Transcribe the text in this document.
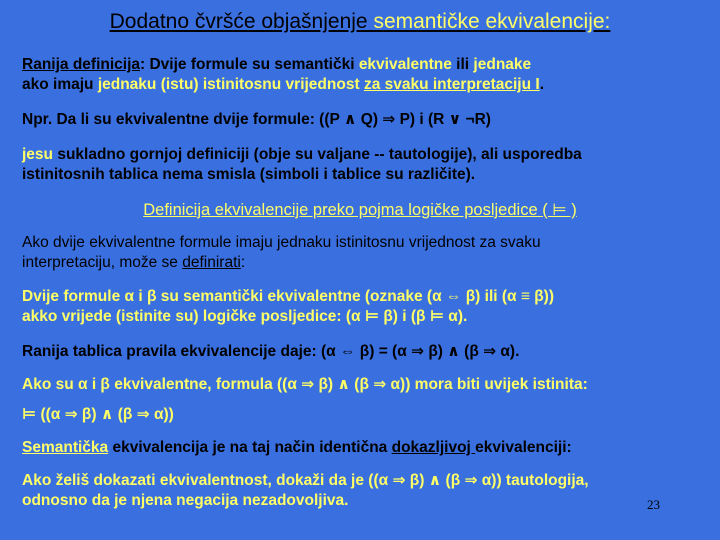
Dodatno čvršće objašnjenje semantičke ekvivalencije:
Ranija definicija: Dvije formule su semantički ekvivalentne ili jednake
ako imaju jednaku (istu) istinitosnu vrijednost za svaku interpretaciju I.
Npr. Da li su ekvivalentne dvije formule: ((P ∧ Q) ⇒ P) i (R ∨ ¬R)
jesu sukladno gornjoj definiciji (obje su valjane -- tautologije), ali usporedba
istinitosnih tablica nema smisla (simboli i tablice su različite).
Definicija ekvivalencije preko pojma logičke posljedice ( ⊨ )
Ako dvije ekvivalentne formule imaju jednaku istinitosnu vrijednost za svaku
interpretaciju, može se definirati:
Dvije formule α i β su semantički ekvivalentne (oznake (α ⇔ β) ili (α ≡ β))
akko vrijede (istinite su) logičke posljedice: (α ⊨ β) i (β ⊨ α).
Ranija tablica pravila ekvivalencije daje: (α ⇔ β) = (α ⇒ β) ∧ (β ⇒ α).
Ako su α i β ekvivalentne, formula ((α ⇒ β) ∧ (β ⇒ α)) mora biti uvijek istinita:
⊨ ((α ⇒ β) ∧ (β ⇒ α))
Semantička ekvivalencija je na taj način identična dokazljivoj ekvivalenciji:
Ako želiš dokazati ekvivalentnost, dokaži da je ((α ⇒ β) ∧ (β ⇒ α)) tautologija,
odnosno da je njena negacija nezadovoljiva.	23
